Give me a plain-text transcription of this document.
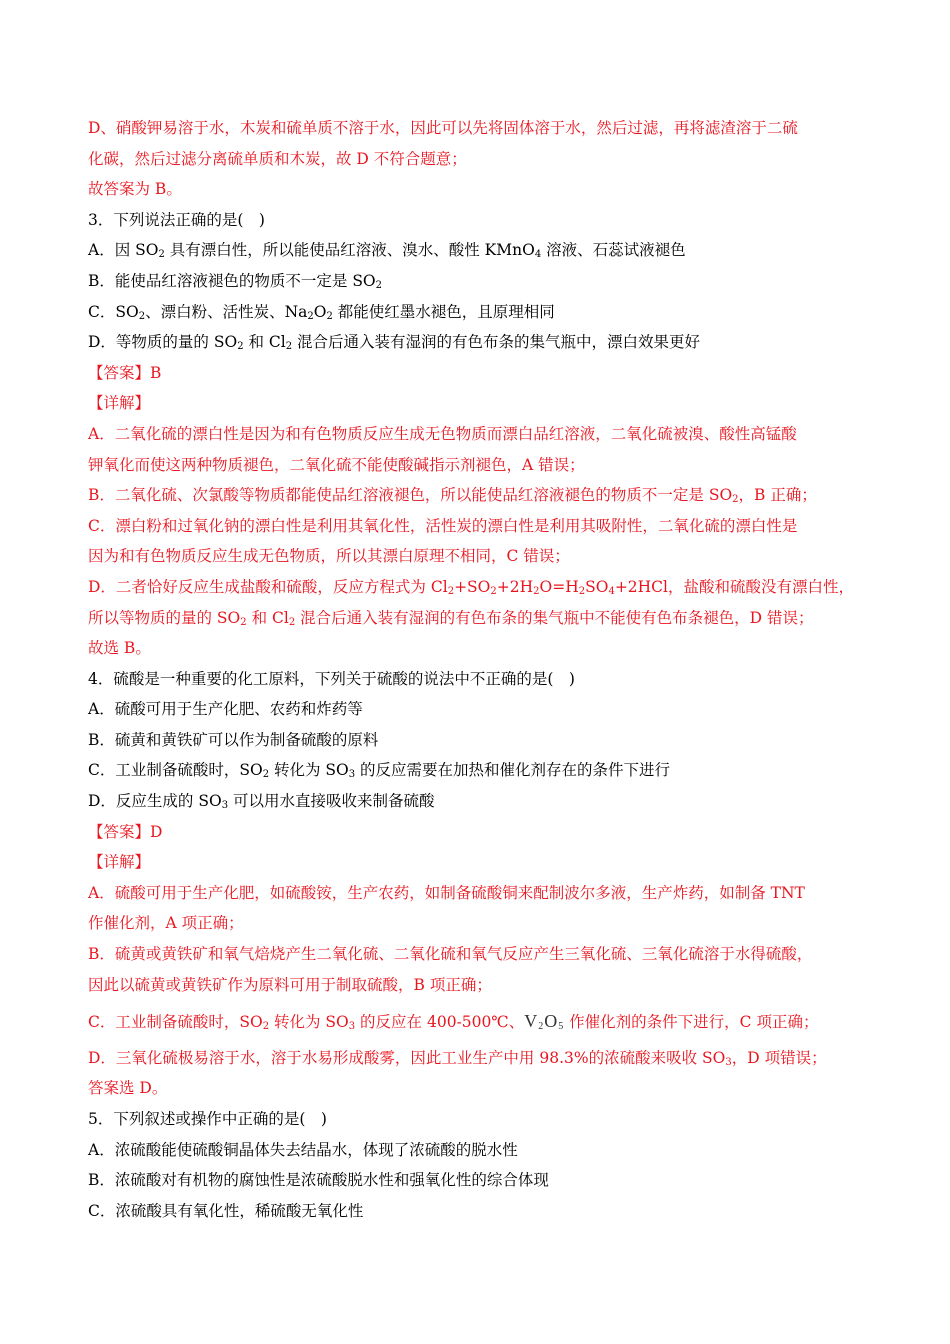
D、硝酸钾易溶于水，木炭和硫单质不溶于水，因此可以先将固体溶于水，然后过滤，再将滤渣溶于二硫
化碳，然后过滤分离硫单质和木炭，故 D 不符合题意；
故答案为 B。
3．下列说法正确的是(　)
A．因 $SO_2$ 具有漂白性，所以能使品红溶液、溴水、酸性 KMnO$_4$ 溶液、石蕊试液褪色
B．能使品红溶液褪色的物质不一定是 $SO_2$
C．$SO_2$、漂白粉、活性炭、$Na_2O_2$ 都能使红墨水褪色，且原理相同
D．等物质的量的 $SO_2$ 和 $Cl_2$ 混合后通入装有湿润的有色布条的集气瓶中，漂白效果更好
【答案】B
【详解】
A．二氧化硫的漂白性是因为和有色物质反应生成无色物质而漂白品红溶液，二氧化硫被溴、酸性高锰酸
钾氧化而使这两种物质褪色，二氧化硫不能使酸碱指示剂褪色，A 错误；
B．二氧化硫、次氯酸等物质都能使品红溶液褪色，所以能使品红溶液褪色的物质不一定是 $SO_2$，B 正确；
C．漂白粉和过氧化钠的漂白性是利用其氧化性，活性炭的漂白性是利用其吸附性，二氧化硫的漂白性是
因为和有色物质反应生成无色物质，所以其漂白原理不相同，C 错误；
D．二者恰好反应生成盐酸和硫酸，反应方程式为 $Cl_2+SO_2+2H_2O=H_2SO_4+2HCl$，盐酸和硫酸没有漂白性，
所以等物质的量的 $SO_2$ 和 $Cl_2$ 混合后通入装有湿润的有色布条的集气瓶中不能使有色布条褪色，D 错误；
故选 B。
4．硫酸是一种重要的化工原料，下列关于硫酸的说法中不正确的是(　)
A．硫酸可用于生产化肥、农药和炸药等
B．硫黄和黄铁矿可以作为制备硫酸的原料
C．工业制备硫酸时，$SO_2$ 转化为 $SO_3$ 的反应需要在加热和催化剂存在的条件下进行
D．反应生成的 $SO_3$ 可以用水直接吸收来制备硫酸
【答案】D
【详解】
A．硫酸可用于生产化肥，如硫酸铵，生产农药，如制备硫酸铜来配制波尔多液，生产炸药，如制备 TNT
作催化剂，A 项正确；
B．硫黄或黄铁矿和氧气焙烧产生二氧化硫、二氧化硫和氧气反应产生三氧化硫、三氧化硫溶于水得硫酸，
因此以硫黄或黄铁矿作为原料可用于制取硫酸，B 项正确；
C．工业制备硫酸时，$SO_2$ 转化为 $SO_3$ 的反应在 400-500℃、$V_2O_5$ 作催化剂的条件下进行，C 项正确；
D．三氧化硫极易溶于水，溶于水易形成酸雾，因此工业生产中用 98.3%的浓硫酸来吸收 $SO_3$，D 项错误；
答案选 D。
5．下列叙述或操作中正确的是(　)
A．浓硫酸能使硫酸铜晶体失去结晶水，体现了浓硫酸的脱水性
B．浓硫酸对有机物的腐蚀性是浓硫酸脱水性和强氧化性的综合体现
C．浓硫酸具有氧化性，稀硫酸无氧化性
